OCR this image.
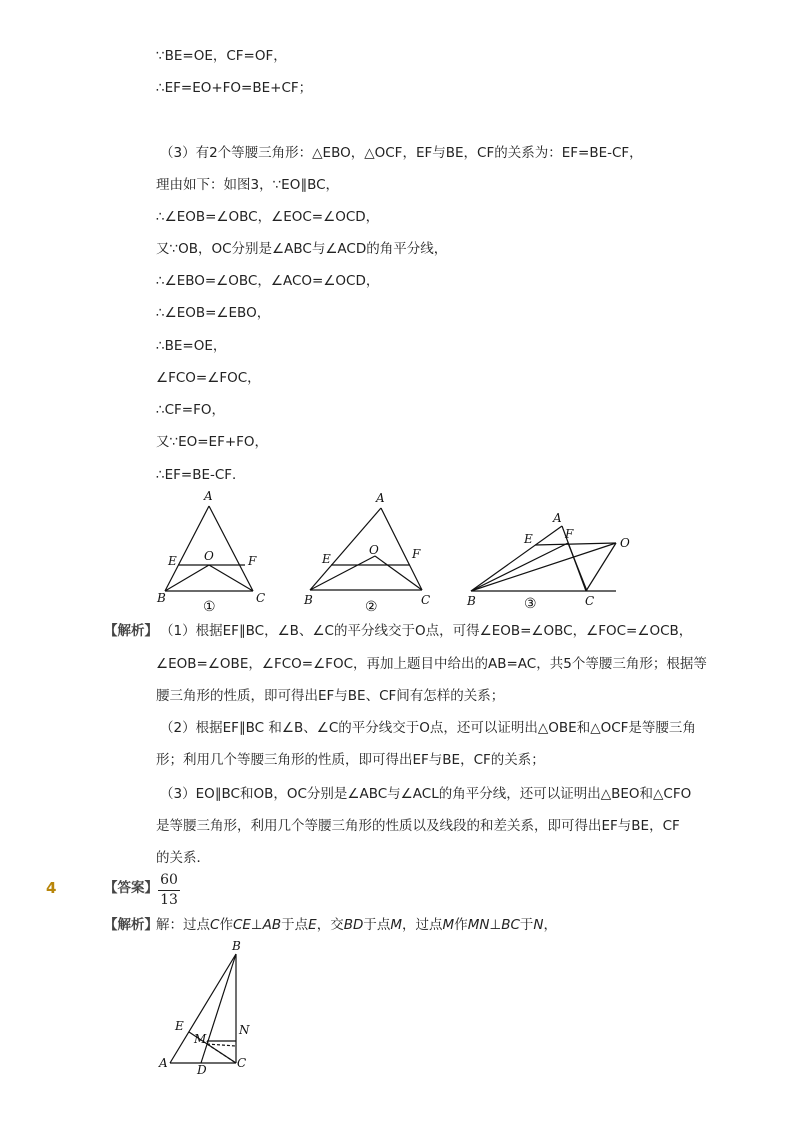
∵BE=OE，CF=OF，
∴EF=EO+FO=BE+CF；
（3）有2个等腰三角形：△EBO，△OCF，EF与BE，CF的关系为：EF=BE-CF，
理由如下：如图3，∵EO∥BC，
∴∠EOB=∠OBC，∠EOC=∠OCD，
又∵OB，OC分别是∠ABC与∠ACD的角平分线，
∴∠EBO=∠OBC，∠ACO=∠OCD，
∴∠EOB=∠EBO，
∴BE=OE，
∠FCO=∠FOC，
∴CF=FO，
又∵EO=EF+FO，
∴EF=BE-CF．
A
E O	F
B	C
①
A
E
O	F
B	C
②
A
E	F
O
B	C
③
【解析】 （1）根据EF∥BC，∠B、∠C的平分线交于O点，可得∠EOB=∠OBC，∠FOC=∠OCB，
∠EOB=∠OBE，∠FCO=∠FOC，再加上题目中给出的AB=AC，共5个等腰三角形；根据等
腰三角形的性质，即可得出EF与BE、CF间有怎样的关系；
（2）根据EF∥BC 和∠B、∠C的平分线交于O点，还可以证明出△OBE和△OCF是等腰三角
形；利用几个等腰三角形的性质，即可得出EF与BE，CF的关系；
（3）EO∥BC和OB，OC分别是∠ABC与∠ACL的角平分线，还可以证明出△BEO和△CFO
是等腰三角形，利用几个等腰三角形的性质以及线段的和差关系，即可得出EF与BE，CF
的关系．
4	【答案】 60
13
【解析】
解：过点C作CE⊥AB于点E，交BD于点M，过点M作MN⊥BC于N，
B
E
M
N
A D	C
